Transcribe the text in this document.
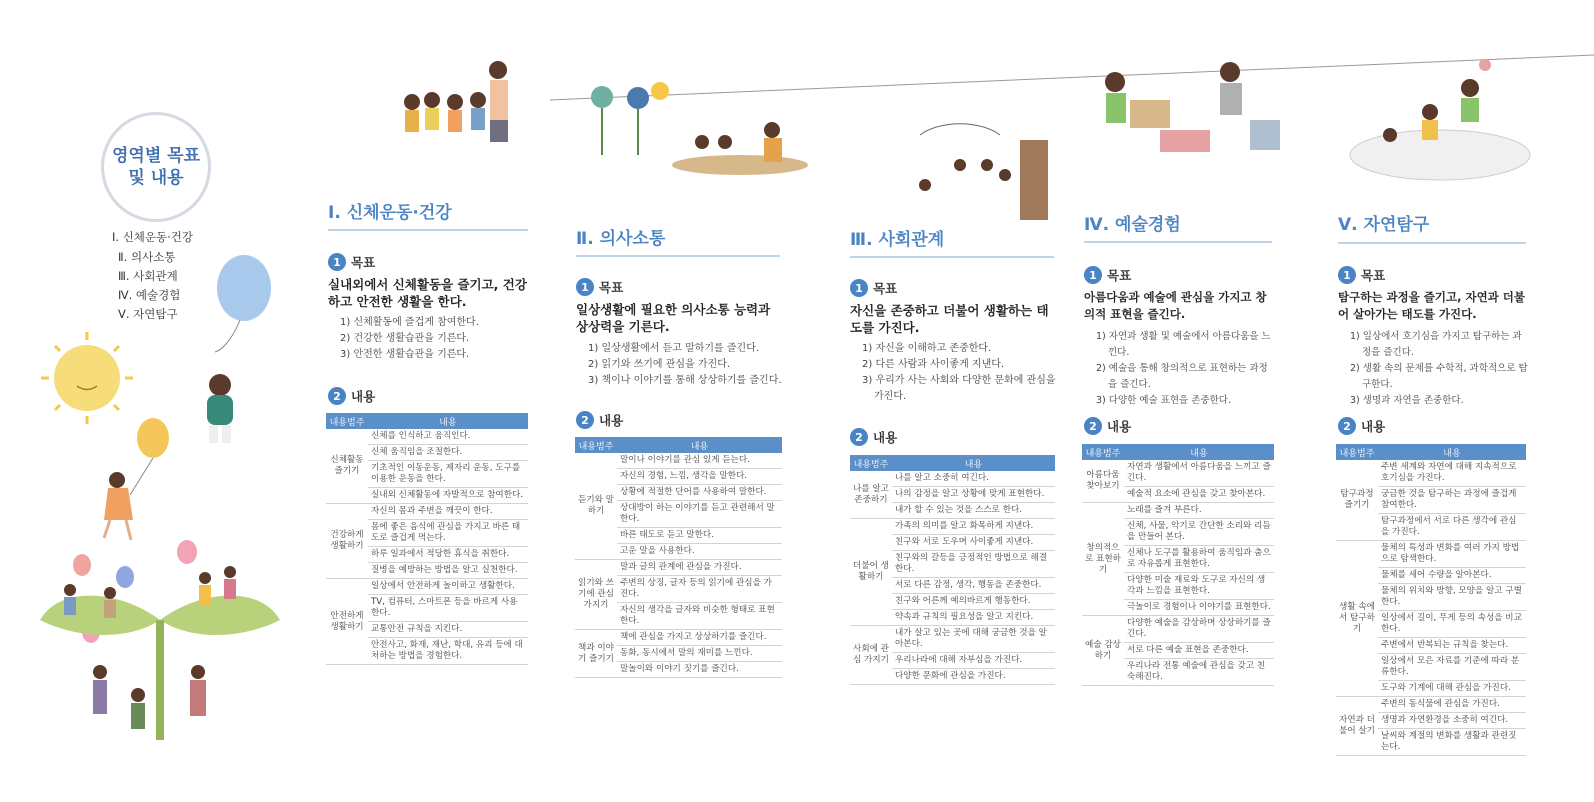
영역별 목표
및 내용
Ⅰ. 신체운동·건강
Ⅱ. 의사소통
Ⅲ. 사회관계
Ⅳ. 예술경험
Ⅴ. 자연탐구
Ⅰ. 신체운동·건강
1 목표
실내외에서 신체활동을 즐기고, 건강하고 안전한 생활을 한다.
1) 신체활동에 즐겁게 참여한다.
2) 건강한 생활습관을 기른다.
3) 안전한 생활습관을 기른다.
2 내용
내용범주	내용
신체활동 즐기기	신체를 인식하고 움직인다.
	신체 움직임을 조절한다.
	기초적인 이동운동, 제자리 운동, 도구를 이용한 운동을 한다.
	실내외 신체활동에 자발적으로 참여한다.
건강하게 생활하기	자신의 몸과 주변을 깨끗이 한다.
	몸에 좋은 음식에 관심을 가지고 바른 태도로 즐겁게 먹는다.
	하루 일과에서 적당한 휴식을 취한다.
	질병을 예방하는 방법을 알고 실천한다.
안전하게 생활하기	일상에서 안전하게 놀이하고 생활한다.
	TV, 컴퓨터, 스마트폰 등을 바르게 사용한다.
	교통안전 규칙을 지킨다.
	안전사고, 화재, 재난, 학대, 유괴 등에 대처하는 방법을 경험한다.
Ⅱ. 의사소통
1 목표
일상생활에 필요한 의사소통 능력과 상상력을 기른다.
1) 일상생활에서 듣고 말하기를 즐긴다.
2) 읽기와 쓰기에 관심을 가진다.
3) 책이나 이야기를 통해 상상하기를 즐긴다.
2 내용
내용범주	내용
듣기와 말하기	말이나 이야기를 관심 있게 듣는다.
	자신의 경험, 느낌, 생각을 말한다.
	상황에 적절한 단어를 사용하여 말한다.
	상대방이 하는 이야기를 듣고 관련해서 말한다.
	바른 태도로 듣고 말한다.
	고운 말을 사용한다.
읽기와 쓰기에 관심 가지기	말과 글의 관계에 관심을 가진다.
	주변의 상징, 글자 등의 읽기에 관심을 가진다.
	자신의 생각을 글자와 비슷한 형태로 표현한다.
책과 이야기 즐기기	책에 관심을 가지고 상상하기를 즐긴다.
	동화, 동시에서 말의 재미를 느낀다.
	말놀이와 이야기 짓기를 즐긴다.
Ⅲ. 사회관계
1 목표
자신을 존중하고 더불어 생활하는 태도를 가진다.
1) 자신을 이해하고 존중한다.
2) 다른 사람과 사이좋게 지낸다.
3) 우리가 사는 사회와 다양한 문화에 관심을 가진다.
2 내용
내용범주	내용
나를 알고 존중하기	나를 알고 소중히 여긴다.
	나의 감정을 알고 상황에 맞게 표현한다.
	내가 할 수 있는 것을 스스로 한다.
더불어 생활하기	가족의 의미를 알고 화목하게 지낸다.
	친구와 서로 도우며 사이좋게 지낸다.
	친구와의 갈등을 긍정적인 방법으로 해결한다.
	서로 다른 감정, 생각, 행동을 존중한다.
	친구와 어른께 예의바르게 행동한다.
	약속과 규칙의 필요성을 알고 지킨다.
사회에 관심 가지기	내가 살고 있는 곳에 대해 궁금한 것을 알아본다.
	우리나라에 대해 자부심을 가진다.
	다양한 문화에 관심을 가진다.
Ⅳ. 예술경험
1 목표
아름다움과 예술에 관심을 가지고 창의적 표현을 즐긴다.
1) 자연과 생활 및 예술에서 아름다움을 느낀다.
2) 예술을 통해 창의적으로 표현하는 과정을 즐긴다.
3) 다양한 예술 표현을 존중한다.
2 내용
내용범주	내용
아름다움 찾아보기	자연과 생활에서 아름다움을 느끼고 즐긴다.
	예술적 요소에 관심을 갖고 찾아본다.
창의적으로 표현하기	노래를 즐겨 부른다.
	신체, 사물, 악기로 간단한 소리와 리듬을 만들어 본다.
	신체나 도구를 활용하여 움직임과 춤으로 자유롭게 표현한다.
	다양한 미술 재료와 도구로 자신의 생각과 느낌을 표현한다.
	극놀이로 경험이나 이야기를 표현한다.
예술 감상하기	다양한 예술을 감상하며 상상하기를 즐긴다.
	서로 다른 예술 표현을 존중한다.
	우리나라 전통 예술에 관심을 갖고 친숙해진다.
Ⅴ. 자연탐구
1 목표
탐구하는 과정을 즐기고, 자연과 더불어 살아가는 태도를 가진다.
1) 일상에서 호기심을 가지고 탐구하는 과정을 즐긴다.
2) 생활 속의 문제를 수학적, 과학적으로 탐구한다.
3) 생명과 자연을 존중한다.
2 내용
내용범주	내용
탐구과정 즐기기	주변 세계와 자연에 대해 지속적으로 호기심을 가진다.
	궁금한 것을 탐구하는 과정에 즐겁게 참여한다.
	탐구과정에서 서로 다른 생각에 관심을 가진다.
생활 속에서 탐구하기	물체의 특성과 변화를 여러 가지 방법으로 탐색한다.
	물체를 세어 수량을 알아본다.
	물체의 위치와 방향, 모양을 알고 구별한다.
	일상에서 길이, 무게 등의 속성을 비교한다.
	주변에서 반복되는 규칙을 찾는다.
	일상에서 모은 자료를 기준에 따라 분류한다.
	도구와 기계에 대해 관심을 가진다.
자연과 더불어 살기	주변의 동식물에 관심을 가진다.
	생명과 자연환경을 소중히 여긴다.
	날씨와 계절의 변화를 생활과 관련짓는다.
